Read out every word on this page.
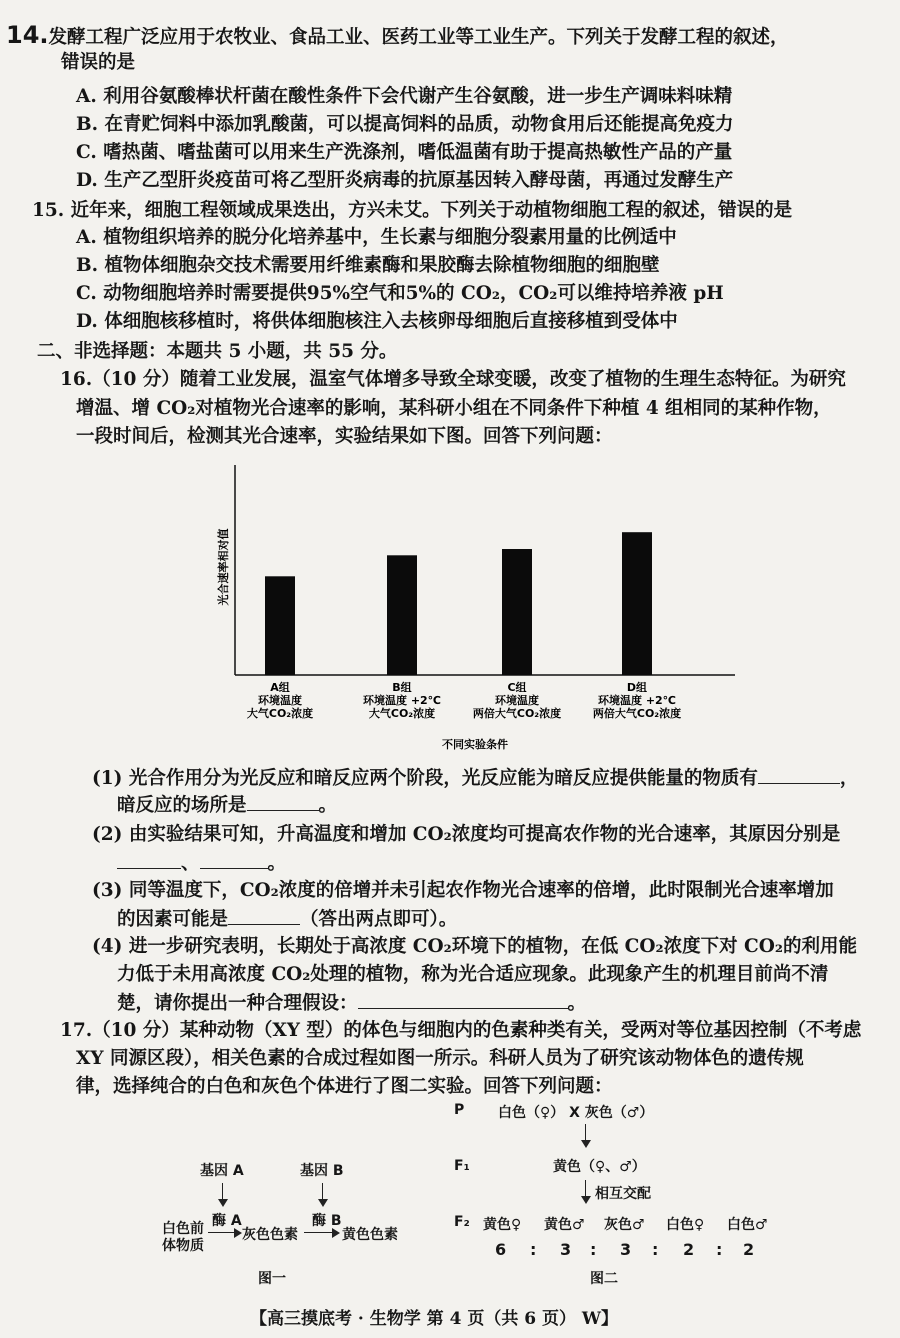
14.发酵工程广泛应用于农牧业、食品工业、医药工业等工业生产。下列关于发酵工程的叙述，
错误的是
A. 利用谷氨酸棒状杆菌在酸性条件下会代谢产生谷氨酸，进一步生产调味料味精
B. 在青贮饲料中添加乳酸菌，可以提高饲料的品质，动物食用后还能提高免疫力
C. 嗜热菌、嗜盐菌可以用来生产洗涤剂，嗜低温菌有助于提高热敏性产品的产量
D. 生产乙型肝炎疫苗可将乙型肝炎病毒的抗原基因转入酵母菌，再通过发酵生产
15. 近年来，细胞工程领域成果迭出，方兴未艾。下列关于动植物细胞工程的叙述，错误的是
A. 植物组织培养的脱分化培养基中，生长素与细胞分裂素用量的比例适中
B. 植物体细胞杂交技术需要用纤维素酶和果胶酶去除植物细胞的细胞壁
C. 动物细胞培养时需要提供95%空气和5%的 CO₂，CO₂可以维持培养液 pH
D. 体细胞核移植时，将供体细胞核注入去核卵母细胞后直接移植到受体中
二、非选择题：本题共 5 小题，共 55 分。
16.（10 分）随着工业发展，温室气体增多导致全球变暖，改变了植物的生理生态特征。为研究
增温、增 CO₂对植物光合速率的影响，某科研小组在不同条件下种植 4 组相同的某种作物，
一段时间后，检测其光合速率，实验结果如下图。回答下列问题：
光合速率相对值
A组
环境温度
大气CO₂浓度
B组
环境温度 +2℃
大气CO₂浓度
C组
环境温度
两倍大气CO₂浓度
D组
环境温度 +2℃
两倍大气CO₂浓度
不同实验条件
(1) 光合作用分为光反应和暗反应两个阶段，光反应能为暗反应提供能量的物质有	，
暗反应的场所是	。
(2) 由实验结果可知，升高温度和增加 CO₂浓度均可提高农作物的光合速率，其原因分别是
、	。
(3) 同等温度下，CO₂浓度的倍增并未引起农作物光合速率的倍增，此时限制光合速率增加
的因素可能是	（答出两点即可）。
(4) 进一步研究表明，长期处于高浓度 CO₂环境下的植物，在低 CO₂浓度下对 CO₂的利用能
力低于未用高浓度 CO₂处理的植物，称为光合适应现象。此现象产生的机理目前尚不清
楚，请你提出一种合理假设：	。
17.（10 分）某种动物（XY 型）的体色与细胞内的色素种类有关，受两对等位基因控制（不考虑
XY 同源区段），相关色素的合成过程如图一所示。科研人员为了研究该动物体色的遗传规
律，选择纯合的白色和灰色个体进行了图二实验。回答下列问题：
基因 A	基因 B
酶 A	酶 B
白色前
体物质
灰色色素	黄色色素
图一
P 白色（♀） X 灰色（♂）
F₁	黄色（♀、♂）
相互交配
F₂ 黄色♀ 黄色♂ 灰色♂ 白色♀ 白色♂
6 : 3 : 3 : 2 : 2
图二
【高三摸底考 · 生物学 第 4 页（共 6 页） W】
